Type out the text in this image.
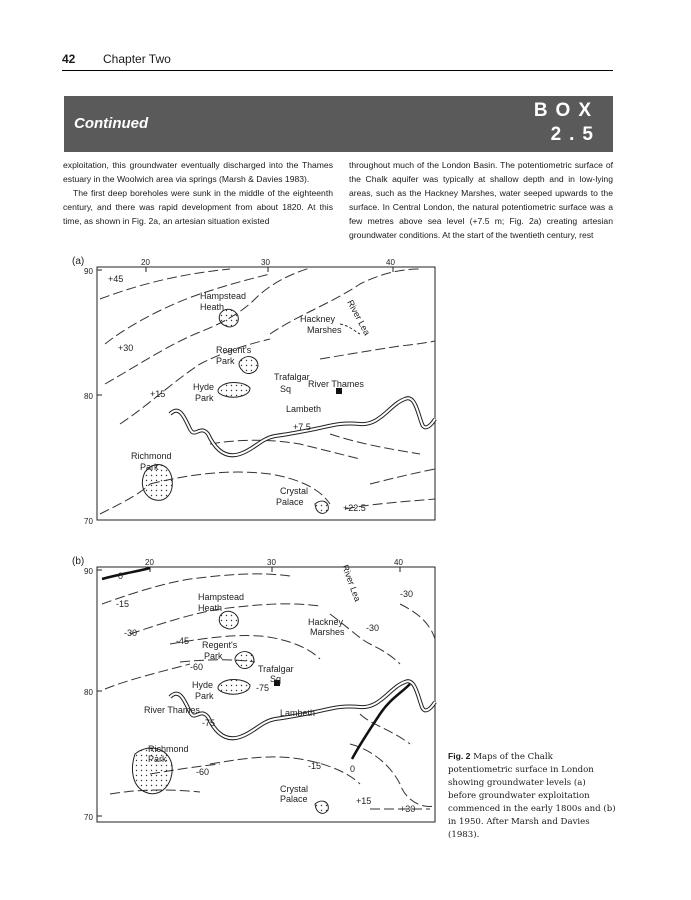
42 Chapter Two
Continued
BOX
2.5

exploitation, this groundwater eventually discharged into the Thames estuary in the Woolwich area via springs (Marsh & Davies 1983).

The first deep boreholes were sunk in the middle of the eighteenth century, and there was rapid development from about 1820. At this time, as shown in Fig. 2a, an artesian situation existed

throughout much of the London Basin. The potentiometric surface of the Chalk aquifer was typically at shallow depth and in low-lying areas, such as the Hackney Marshes, water seeped upwards to the surface. In Central London, the natural potentiometric surface was a few metres above sea level (+7.5 m; Fig. 2a) creating artesian groundwater conditions. At the start of the twentieth century, rest

(a)	20	30	40
90
80
70
Hampstead
Heath
Hackney
Marshes
Regent's
Park
Trafalgar
Sq
Hyde
Park
River Thames
Lambeth
Richmond
Park
Crystal
Palace
River Lea
+45
+30
+15
+7.5
+22.5
(b)	20	30	40
90
80
70
Hampstead
Heath
Hackney
Marshes
Regent's
Park
Trafalgar
Sq
Hyde
Park
River Thames	Lambeth
Richmond
Park
Crystal
Palace
River Lea
0
-15
-30
-45
-60
-75
-75
-60
-15	0
+15
+30
-30
-30
Fig. 2 Maps of the Chalk potentiometric surface in London showing groundwater levels (a) before groundwater exploitation commenced in the early 1800s and (b) in 1950. After Marsh and Davies (1983).
